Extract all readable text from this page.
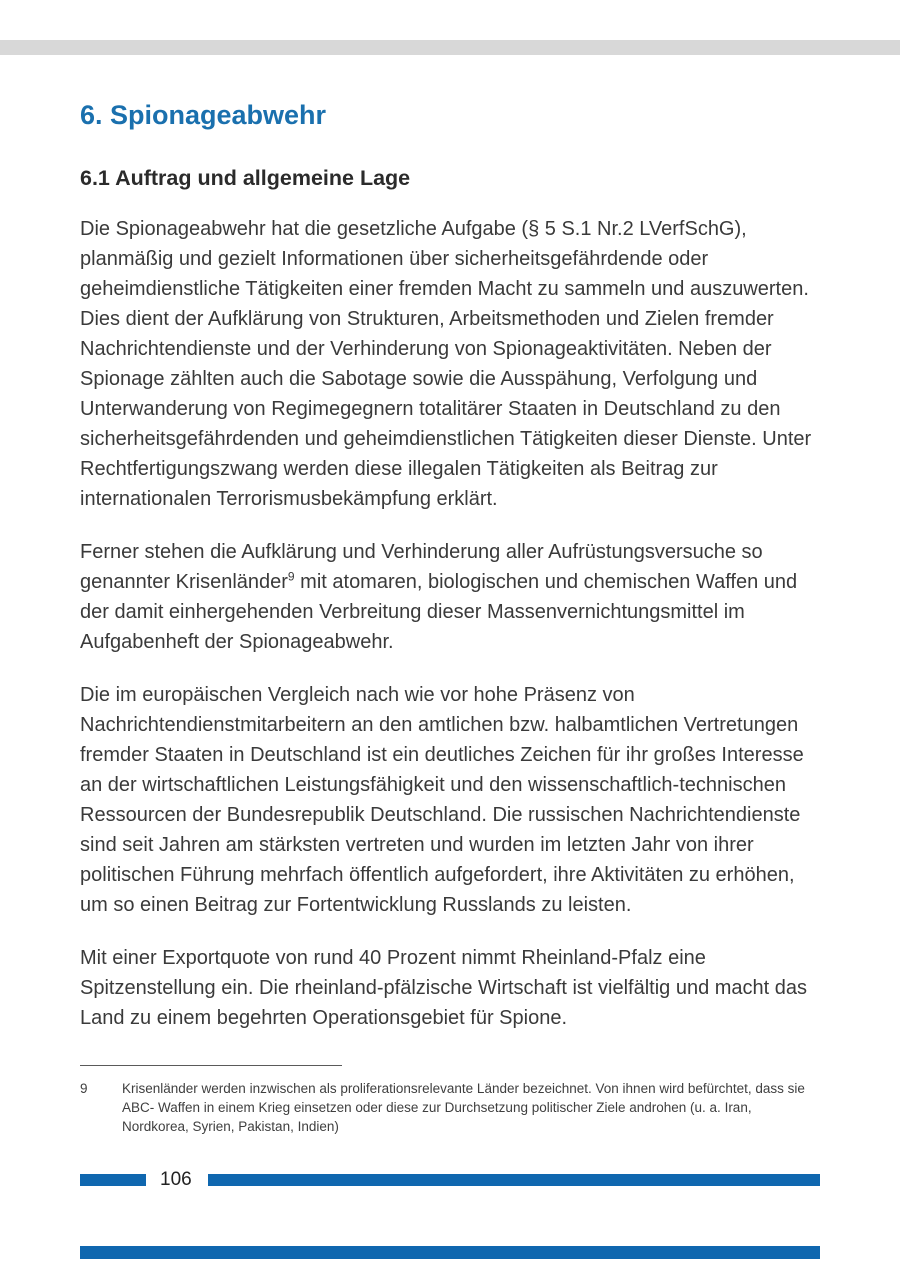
6. Spionageabwehr
6.1 Auftrag und allgemeine Lage

Die Spionageabwehr hat die gesetzliche Aufgabe (§ 5 S.1 Nr.2 LVerfSchG), planmäßig und gezielt Informationen über sicherheitsgefährdende oder geheimdienstliche Tätigkeiten einer fremden Macht zu sammeln und auszuwerten. Dies dient der Aufklärung von Strukturen, Arbeitsmethoden und Zielen fremder Nachrichtendienste und der Verhinderung von Spionageaktivitäten. Neben der Spionage zählten auch die Sabotage sowie die Ausspähung, Verfolgung und Unterwanderung von Regimegegnern totalitärer Staaten in Deutschland zu den sicherheitsgefährdenden und geheimdienstlichen Tätigkeiten dieser Dienste. Unter Rechtfertigungszwang werden diese illegalen Tätigkeiten als Beitrag zur internationalen Terrorismusbekämpfung erklärt.

Ferner stehen die Aufklärung und Verhinderung aller Aufrüstungsversuche so genannter Krisenländer$^9$ mit atomaren, biologischen und chemischen Waffen und der damit einhergehenden Verbreitung dieser Massenvernichtungsmittel im Aufgabenheft der Spionageabwehr.

Die im europäischen Vergleich nach wie vor hohe Präsenz von Nachrichtendienstmitarbeitern an den amtlichen bzw. halbamtlichen Vertretungen fremder Staaten in Deutschland ist ein deutliches Zeichen für ihr großes Interesse an der wirtschaftlichen Leistungsfähigkeit und den wissenschaftlich-technischen Ressourcen der Bundesrepublik Deutschland. Die russischen Nachrichtendienste sind seit Jahren am stärksten vertreten und wurden im letzten Jahr von ihrer politischen Führung mehrfach öffentlich aufgefordert, ihre Aktivitäten zu erhöhen, um so einen Beitrag zur Fortentwicklung Russlands zu leisten.

Mit einer Exportquote von rund 40 Prozent nimmt Rheinland-Pfalz eine Spitzenstellung ein. Die rheinland-pfälzische Wirtschaft ist vielfältig und macht das Land zu einem begehrten Operationsgebiet für Spione.

9	Krisenländer werden inzwischen als proliferationsrelevante Länder bezeichnet. Von ihnen wird befürchtet, dass sie ABC- Waffen in einem Krieg einsetzen oder diese zur Durchsetzung politischer Ziele androhen (u. a. Iran, Nordkorea, Syrien, Pakistan, Indien)
106
